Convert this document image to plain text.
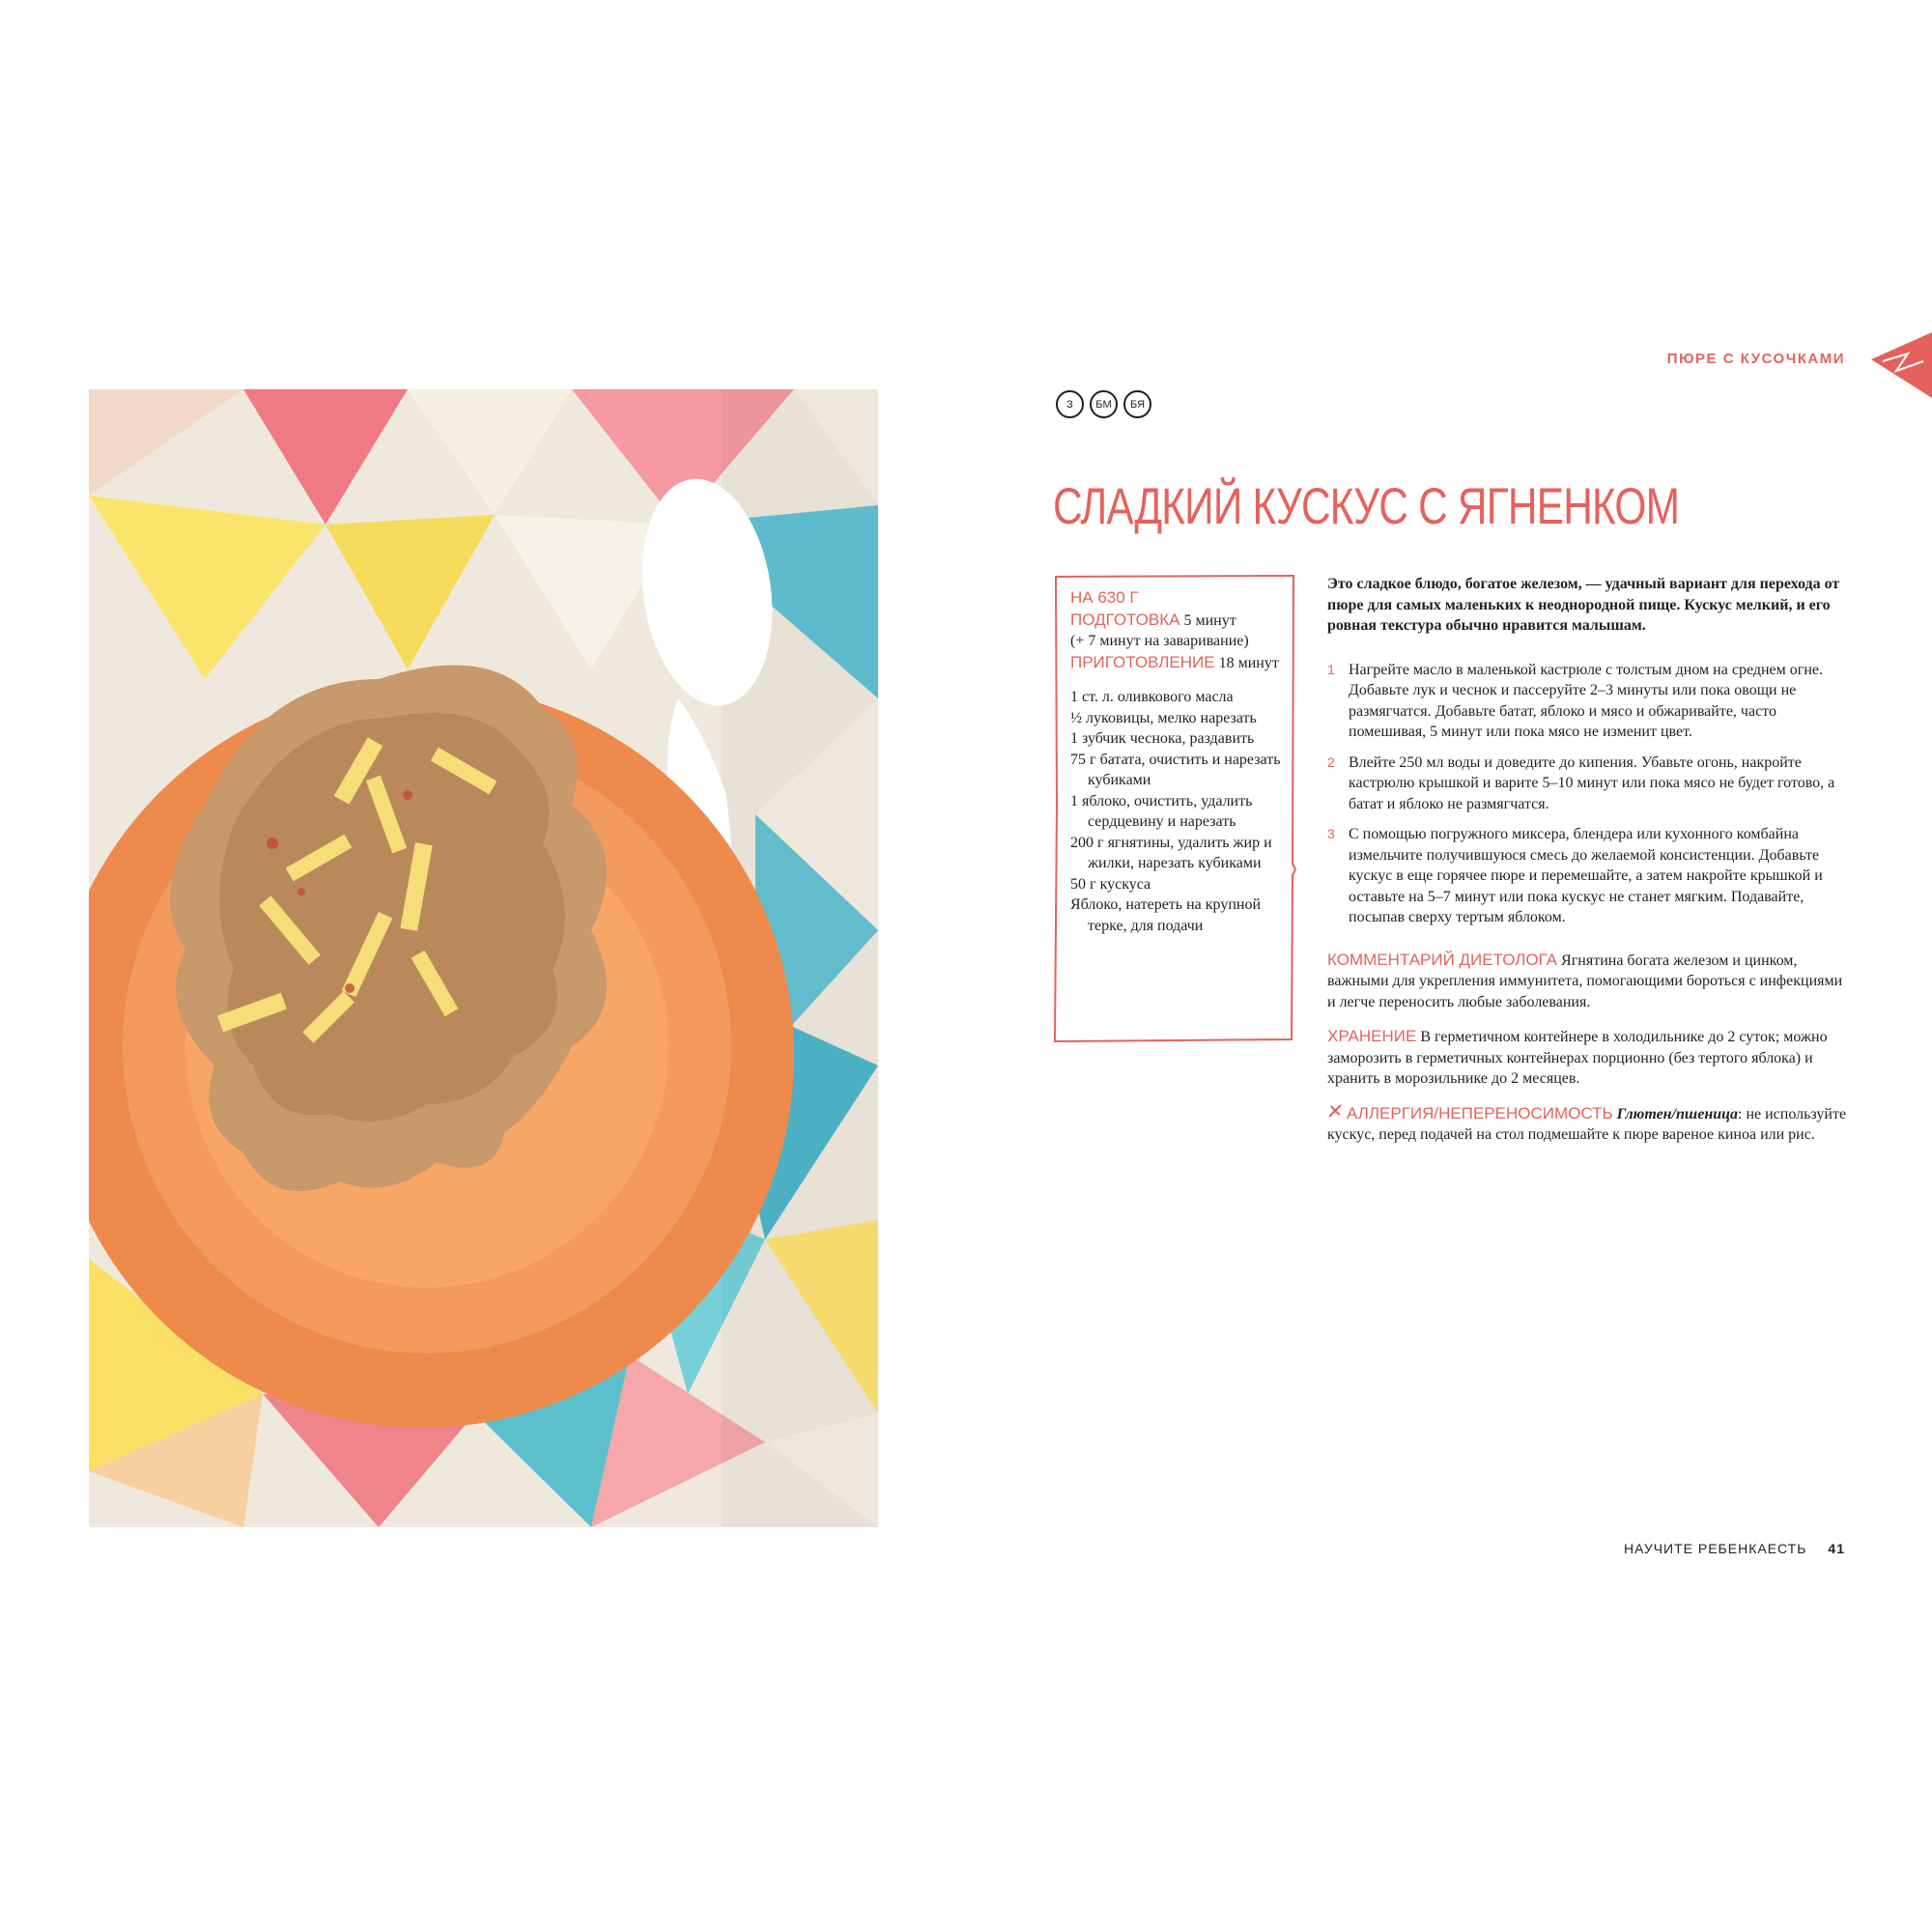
ПЮРЕ С КУСОЧКАМИ
З	БМ	БЯ
СЛАДКИЙ КУСКУС С ЯГНЕНКОМ
НА 630 Г
ПОДГОТОВКА 5 минут
(+ 7 минут на заваривание)
ПРИГОТОВЛЕНИЕ 18 минут

1 ст. л. оливкового масла

½ луковицы, мелко нарезать

1 зубчик чеснока, раздавить

75 г батата, очистить и нарезать кубиками

1 яблоко, очистить, удалить сердцевину и нарезать

200 г ягнятины, удалить жир и жилки, нарезать кубиками

50 г кускуса

Яблоко, натереть на крупной терке, для подачи

Это сладкое блюдо, богатое железом, — удачный вариант для перехода от пюре для самых маленьких к неоднородной пище. Кускус мелкий, и его ровная текстура обычно нравится малышам.

1 Нагрейте масло в маленькой кастрюле с толстым дном на среднем огне. Добавьте лук и чеснок и пассеруйте 2–3 минуты или пока овощи не размягчатся. Добавьте батат, яблоко и мясо и обжаривайте, часто помешивая, 5 минут или пока мясо не изменит цвет.
2 Влейте 250 мл воды и доведите до кипения. Убавьте огонь, накройте кастрюлю крышкой и варите 5–10 минут или пока мясо не будет готово, а батат и яблоко не размягчатся.
3 С помощью погружного миксера, блендера или кухонного комбайна измельчите получившуюся смесь до желаемой консистенции. Добавьте кускус в еще горячее пюре и перемешайте, а затем накройте крышкой и оставьте на 5–7 минут или пока кускус не станет мягким. Подавайте, посыпав сверху тертым яблоком.

КОММЕНТАРИЙ ДИЕТОЛОГА Ягнятина богата железом и цинком, важными для укрепления иммунитета, помогающими бороться с инфекциями и легче переносить любые заболевания.

ХРАНЕНИЕ В герметичном контейнере в холодильнике до 2 суток; можно заморозить в герметичных контейнерах порционно (без тертого яблока) и хранить в морозильнике до 2 месяцев.

АЛЛЕРГИЯ/НЕПЕРЕНОСИМОСТЬ Глютен/пшеница: не используйте кускус, перед подачей на стол подмешайте к пюре вареное киноа или рис.

НАУЧИТЕ РЕБЕНКАЕСТЬ 41
